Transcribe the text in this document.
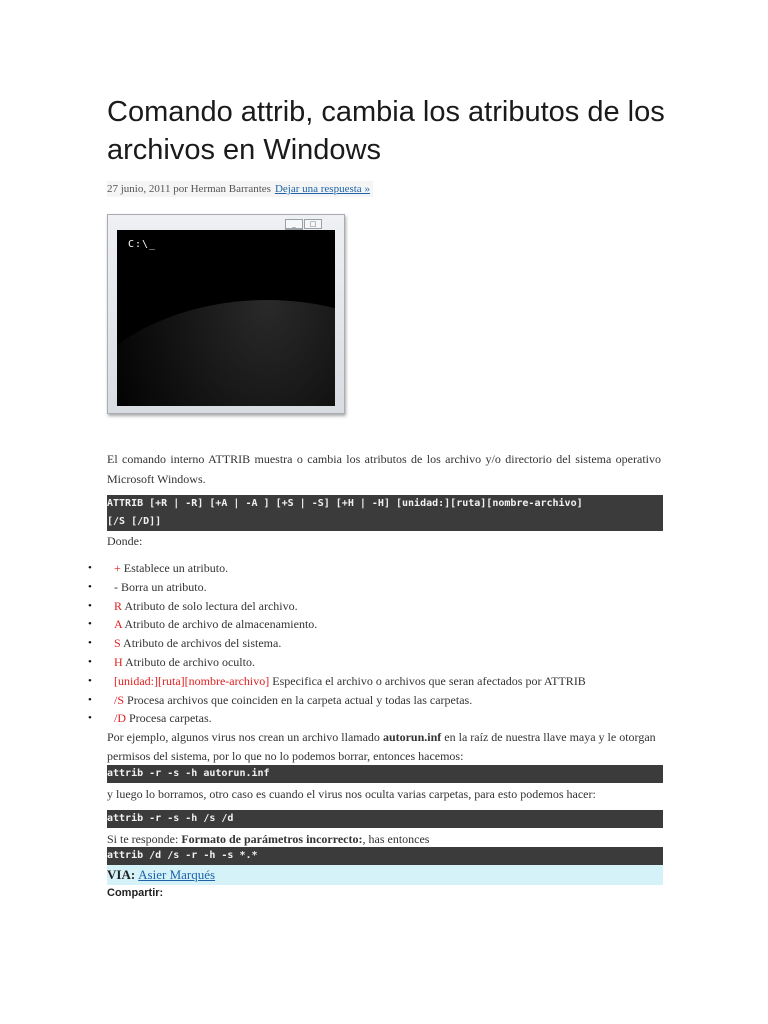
Comando attrib, cambia los atributos de los archivos en Windows
27 junio, 2011 por Herman Barrantes Dejar una respuesta »
_	□
C:\_
El comando interno ATTRIB muestra o cambia los atributos de los archivo y/o directorio del sistema operativo Microsoft Windows.
ATTRIB [+R | -R] [+A | -A ] [+S | -S] [+H | -H] [unidad:][ruta][nombre-archivo]
[/S [/D]]
Donde:
• + Establece un atributo.
• - Borra un atributo.
• R Atributo de solo lectura del archivo.
• A Atributo de archivo de almacenamiento.
• S Atributo de archivos del sistema.
• H Atributo de archivo oculto.
• [unidad:][ruta][nombre-archivo] Especifica el archivo o archivos que seran afectados por ATTRIB
• /S Procesa archivos que coinciden en la carpeta actual y todas las carpetas.
• /D Procesa carpetas.
Por ejemplo, algunos virus nos crean un archivo llamado autorun.inf en la raíz de nuestra llave maya y le otorgan permisos del sistema, por lo que no lo podemos borrar, entonces hacemos:
attrib -r -s -h autorun.inf
y luego lo borramos, otro caso es cuando el virus nos oculta varias carpetas, para esto podemos hacer:
attrib -r -s -h /s /d
Si te responde: Formato de parámetros incorrecto:, has entonces
attrib /d /s -r -h -s *.*
VIA: Asier Marqués
Compartir:
